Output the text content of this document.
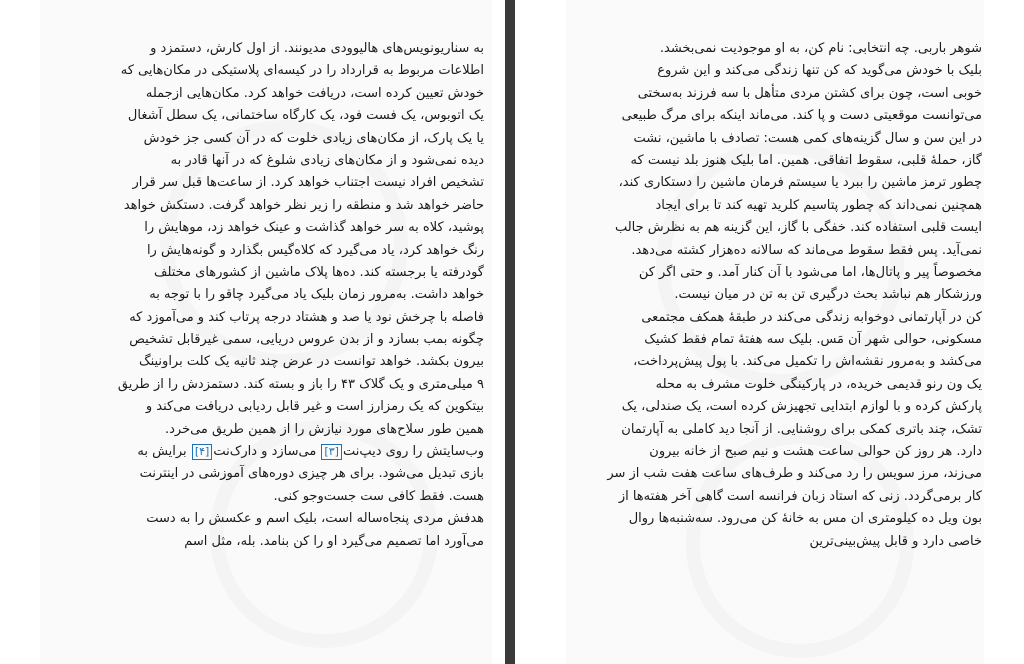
به سناریونویس‌های هالیوودی مدیونند. از اول کارش، دستمزد و
اطلاعات مربوط به قرارداد را در کیسه‌ای پلاستیکی در مکان‌هایی که
خودش تعیین کرده است، دریافت خواهد کرد. مکان‌هایی ازجمله
یک اتوبوس، یک فست فود، یک کارگاه ساختمانی، یک سطل آشغال
یا یک پارک، از مکان‌های زیادی خلوت که در آن کسی جز خودش
دیده نمی‌شود و از مکان‌های زیادی شلوغ که در آنها قادر به
تشخیص افراد نیست اجتناب خواهد کرد. از ساعت‌ها قبل سر قرار
حاضر خواهد شد و منطقه را زیر نظر خواهد گرفت. دستکش خواهد
پوشید، کلاه به سر خواهد گذاشت و عینک خواهد زد، موهایش را
رنگ خواهد کرد، یاد می‌گیرد که کلاه‌گیس بگذارد و گونه‌هایش را
گودرفته یا برجسته کند. ده‌ها پلاک ماشین از کشورهای مختلف
خواهد داشت. به‌مرور زمان بلیک یاد می‌گیرد چاقو را با توجه به
فاصله با چرخش نود یا صد و هشتاد درجه پرتاب کند و می‌آموزد که
چگونه بمب بسازد و از بدن عروس دریایی، سمی غیرقابل تشخیص
بیرون بکشد. خواهد توانست در عرض چند ثانیه یک کلت براونینگ
۹ میلی‌متری و یک گلاک ۴۳ را باز و بسته کند. دستمزدش را از طریق
بیتکوین که یک رمزارز است و غیر قابل ردیابی دریافت می‌کند و
همین طور سلاح‌های مورد نیازش را از همین طریق می‌خرد.
وب‌سایتش را روی دیپ‌نت[۳] می‌سازد و دارک‌نت[۴] برایش به
بازی تبدیل می‌شود. برای هر چیزی دوره‌های آموزشی در اینترنت
هست. فقط کافی ست جست‌وجو کنی.
هدفش مردی پنجاه‌ساله است، بلیک اسم و عکسش را به دست
می‌آورد اما تصمیم می‌گیرد او را کن بنامد. بله، مثل اسم
شوهر باربی. چه انتخابی: نام کن، به او موجودیت نمی‌بخشد.
بلیک با خودش می‌گوید که کن تنها زندگی می‌کند و این شروع
خوبی است، چون برای کشتن مردی متأهل با سه فرزند به‌سختی
می‌توانست موقعیتی دست و پا کند. می‌ماند اینکه برای مرگ طبیعی
در این سن و سال گزینه‌های کمی هست: تصادف با ماشین، نشت
گاز، حملهٔ قلبی، سقوط اتفاقی. همین. اما بلیک هنوز بلد نیست که
چطور ترمز ماشین را ببرد یا سیستم فرمان ماشین را دستکاری کند،
همچنین نمی‌داند که چطور پتاسیم کلرید تهیه کند تا برای ایجاد
ایست قلبی استفاده کند. خفگی با گاز، این گزینه هم به نظرش جالب
نمی‌آید. پس فقط سقوط می‌ماند که سالانه ده‌هزار کشته می‌دهد.
مخصوصاً پیر و پاتال‌ها، اما می‌شود با آن کنار آمد. و حتی اگر کن
ورزشکار هم نباشد بحث درگیری تن به تن در میان نیست.
کن در آپارتمانی دوخوابه زندگی می‌کند در طبقهٔ همکف مجتمعی
مسکونی، حوالی شهر آن مَس. بلیک سه هفتهٔ تمام فقط کشیک
می‌کشد و به‌مرور نقشه‌اش را تکمیل می‌کند. با پول پیش‌پرداخت،
یک ون رنو قدیمی خریده، در پارکینگی خلوت مشرف به محله
پارکش کرده و با لوازم ابتدایی تجهیزش کرده است، یک صندلی، یک
تشک، چند باتری کمکی برای روشنایی. از آنجا دید کاملی به آپارتمان
دارد. هر روز کن حوالی ساعت هشت و نیم صبح از خانه بیرون
می‌زند، مرز سویس را رد می‌کند و طرف‌های ساعت هفت شب از سر
کار برمی‌گردد. زنی که استاد زبان فرانسه است گاهی آخر هفته‌ها از
بون ویل ده کیلومتری ان مس به خانهٔ کن می‌رود. سه‌شنبه‌ها روال
خاصی دارد و قابل پیش‌بینی‌ترین
